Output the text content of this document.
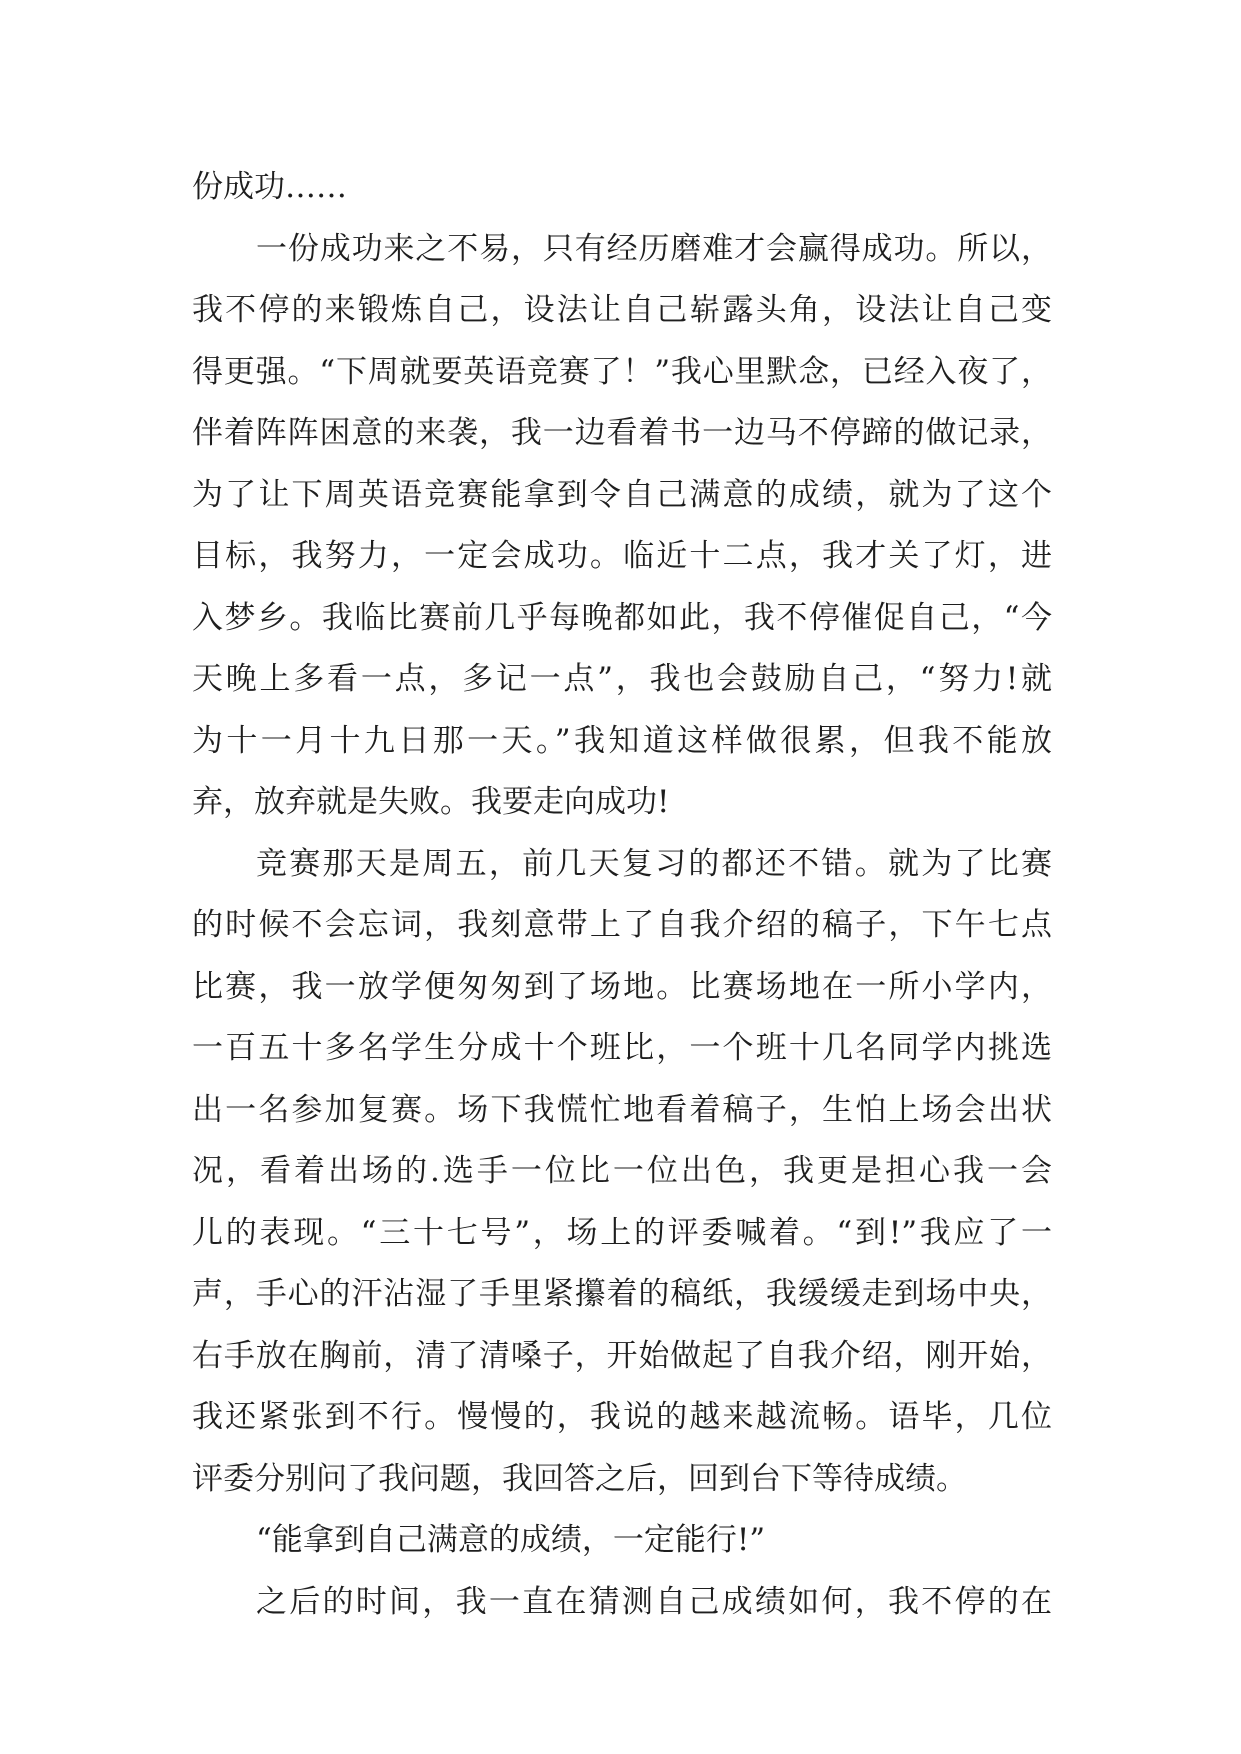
份成功……
一份成功来之不易，只有经历磨难才会赢得成功。所以，
我不停的来锻炼自己，设法让自己崭露头角，设法让自己变
得更强。“下周就要英语竞赛了！”我心里默念，已经入夜了，
伴着阵阵困意的来袭，我一边看着书一边马不停蹄的做记录，
为了让下周英语竞赛能拿到令自己满意的成绩，就为了这个
目标，我努力，一定会成功。临近十二点，我才关了灯，进
入梦乡。我临比赛前几乎每晚都如此，我不停催促自己，“今
天晚上多看一点，多记一点”，我也会鼓励自己，“努力!就
为十一月十九日那一天。”我知道这样做很累，但我不能放
弃，放弃就是失败。我要走向成功!
竞赛那天是周五，前几天复习的都还不错。就为了比赛
的时候不会忘词，我刻意带上了自我介绍的稿子，下午七点
比赛，我一放学便匆匆到了场地。比赛场地在一所小学内，
一百五十多名学生分成十个班比，一个班十几名同学内挑选
出一名参加复赛。场下我慌忙地看着稿子，生怕上场会出状
况，看着出场的.选手一位比一位出色，我更是担心我一会
儿的表现。“三十七号”，场上的评委喊着。“到!”我应了一
声，手心的汗沾湿了手里紧攥着的稿纸，我缓缓走到场中央，
右手放在胸前，清了清嗓子，开始做起了自我介绍，刚开始，
我还紧张到不行。慢慢的，我说的越来越流畅。语毕，几位
评委分别问了我问题，我回答之后，回到台下等待成绩。
“能拿到自己满意的成绩，一定能行!”
之后的时间，我一直在猜测自己成绩如何，我不停的在
